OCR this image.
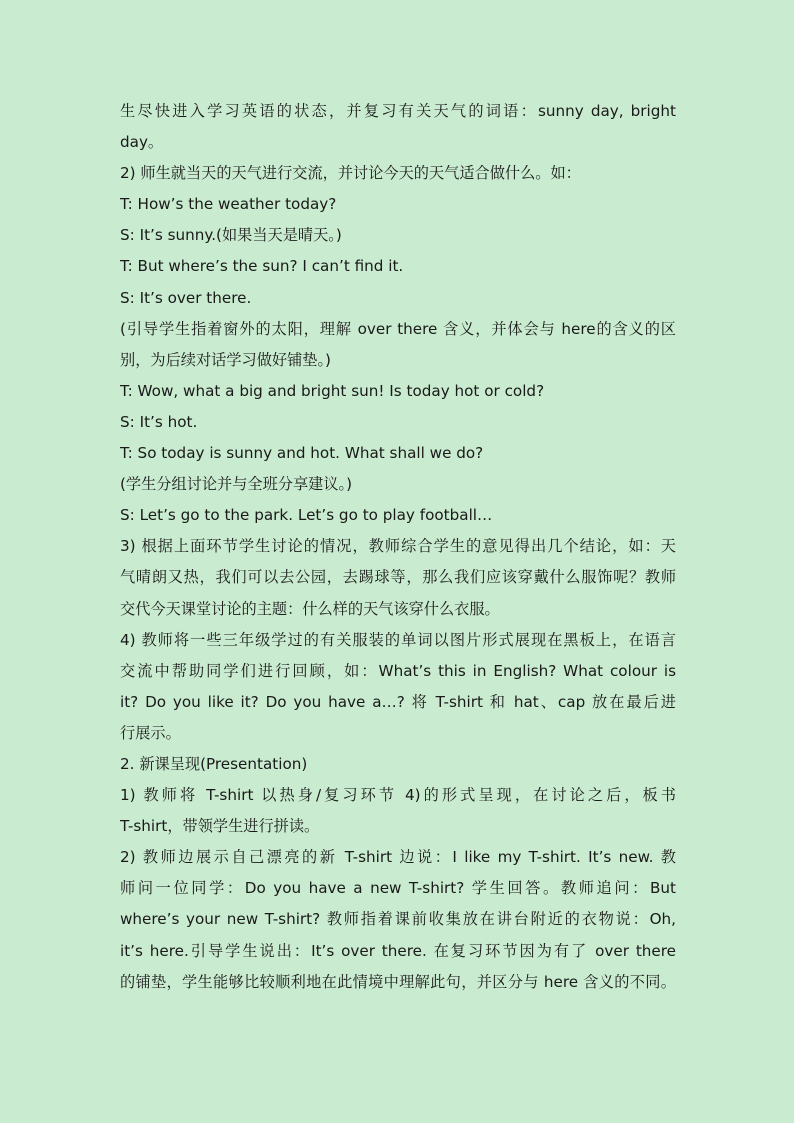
生尽快进入学习英语的状态，并复习有关天气的词语：sunny day, bright
day。
2) 师生就当天的天气进行交流，并讨论今天的天气适合做什么。如：
T: How’s the weather today?
S: It’s sunny.(如果当天是晴天。)
T: But where’s the sun? I can’t find it.
S: It’s over there.
(引导学生指着窗外的太阳，理解 over there 含义，并体会与 here的含义的区
别，为后续对话学习做好铺垫。)
T: Wow, what a big and bright sun! Is today hot or cold?
S: It’s hot.
T: So today is sunny and hot. What shall we do?
(学生分组讨论并与全班分享建议。)
S: Let’s go to the park. Let’s go to play football…
3) 根据上面环节学生讨论的情况，教师综合学生的意见得出几个结论，如：天
气晴朗又热，我们可以去公园，去踢球等，那么我们应该穿戴什么服饰呢？教师
交代今天课堂讨论的主题：什么样的天气该穿什么衣服。
4) 教师将一些三年级学过的有关服装的单词以图片形式展现在黑板上，在语言
交流中帮助同学们进行回顾，如：What’s this in English? What colour is
it? Do you like it? Do you have a…? 将 T-shirt 和 hat、cap 放在最后进
行展示。
2. 新课呈现(Presentation)
1) 教师将 T-shirt 以热身/复习环节 4)的形式呈现，在讨论之后，板书
T-shirt，带领学生进行拼读。
2) 教师边展示自己漂亮的新 T-shirt 边说：I like my T-shirt. It’s new. 教
师问一位同学：Do you have a new T-shirt? 学生回答。教师追问：But
where’s your new T-shirt? 教师指着课前收集放在讲台附近的衣物说：Oh,
it’s here.引导学生说出：It’s over there. 在复习环节因为有了 over there
的铺垫，学生能够比较顺利地在此情境中理解此句，并区分与 here 含义的不同。
